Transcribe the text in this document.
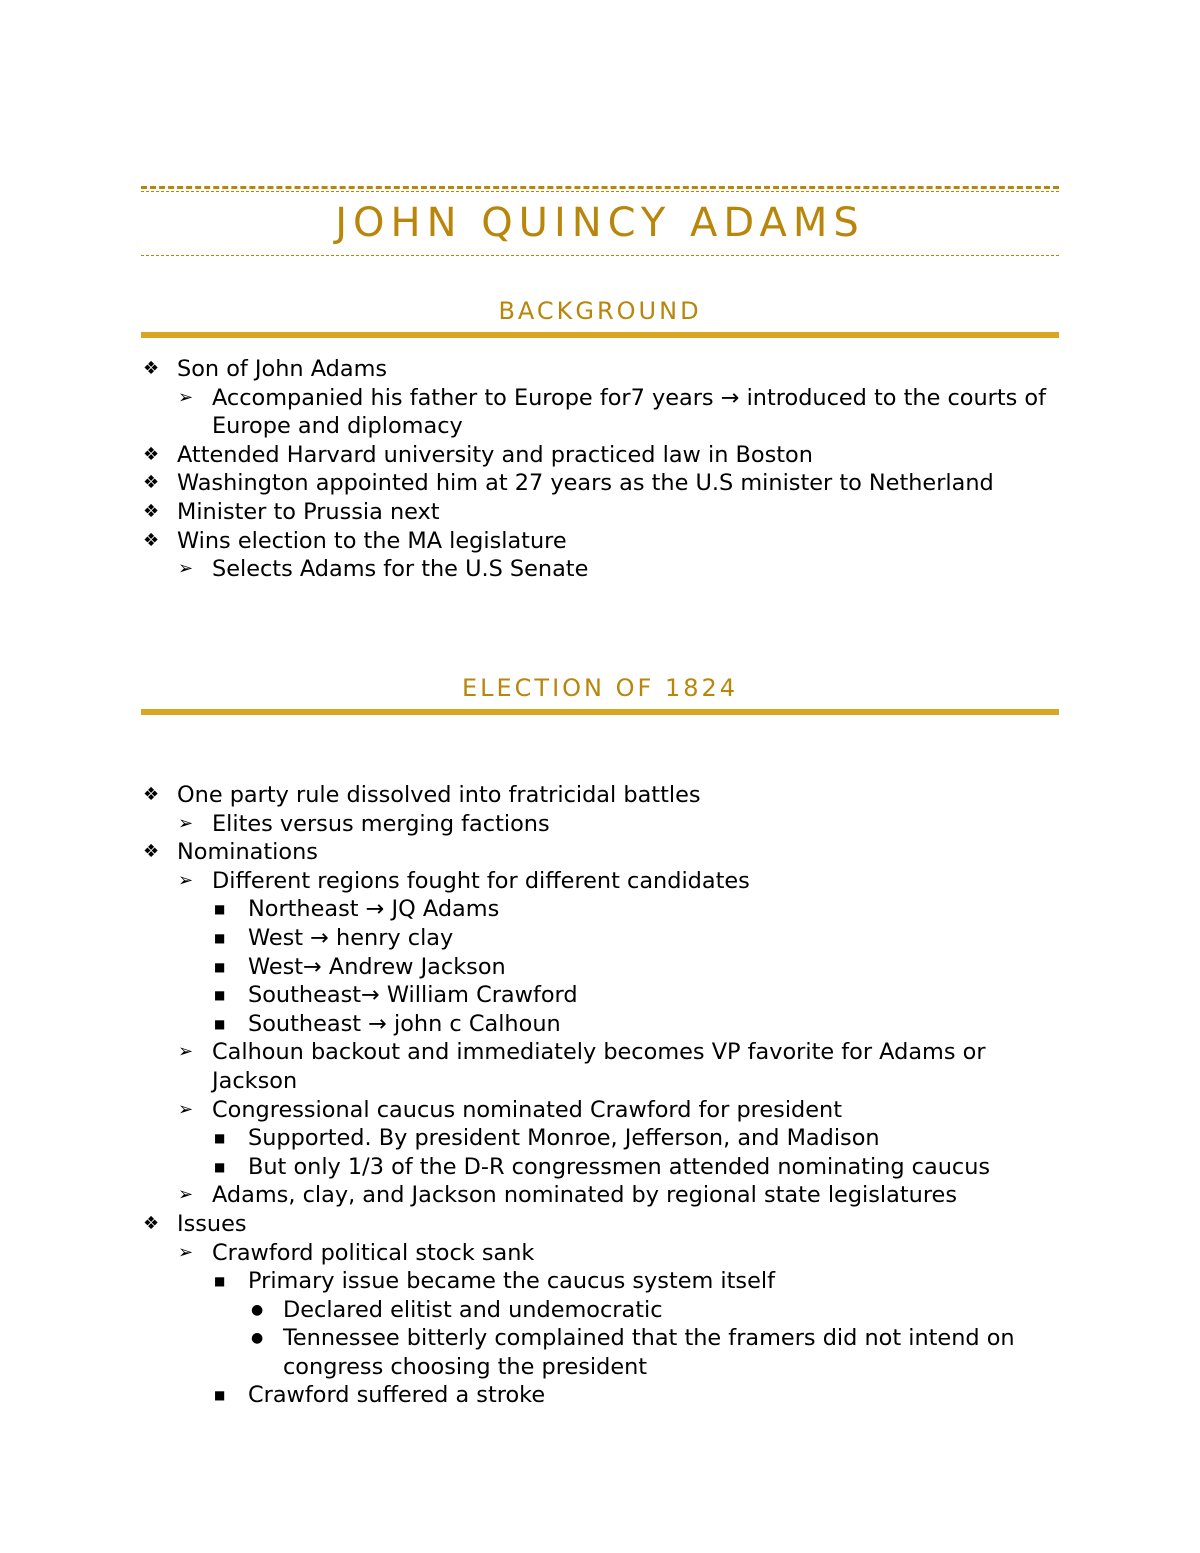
JOHN QUINCY ADAMS
BACKGROUND
❖ Son of John Adams
➢ Accompanied his father to Europe for7 years → introduced to the courts of Europe and diplomacy
❖ Attended Harvard university and practiced law in Boston
❖ Washington appointed him at 27 years as the U.S minister to Netherland
❖ Minister to Prussia next
❖ Wins election to the MA legislature
➢ Selects Adams for the U.S Senate
ELECTION OF 1824
❖ One party rule dissolved into fratricidal battles
➢ Elites versus merging factions
❖ Nominations
➢ Different regions fought for different candidates
■ Northeast → JQ Adams
■ West → henry clay
■ West→ Andrew Jackson
■ Southeast→ William Crawford
■ Southeast → john c Calhoun
➢ Calhoun backout and immediately becomes VP favorite for Adams or Jackson
➢ Congressional caucus nominated Crawford for president
■ Supported. By president Monroe, Jefferson, and Madison
■ But only 1/3 of the D-R congressmen attended nominating caucus
➢ Adams, clay, and Jackson nominated by regional state legislatures
❖ Issues
➢ Crawford political stock sank
■ Primary issue became the caucus system itself
● Declared elitist and undemocratic
● Tennessee bitterly complained that the framers did not intend on congress choosing the president
■ Crawford suffered a stroke
